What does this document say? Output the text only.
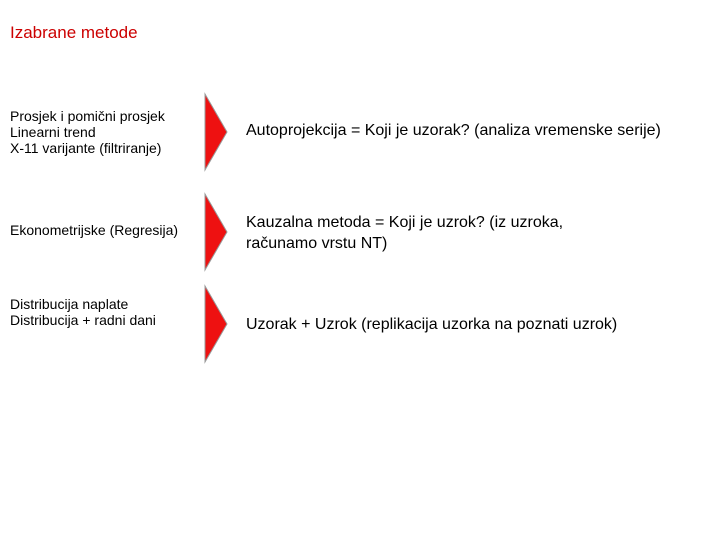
Izabrane metode
Prosjek i pomični prosjek
Linearni trend
X-11 varijante (filtriranje)
Autoprojekcija = Koji je uzorak? (analiza vremenske serije)
Ekonometrijske (Regresija)	Kauzalna metoda = Koji je uzrok? (iz uzroka,
računamo vrstu NT)
Distribucija naplate
Distribucija + radni dani	Uzorak + Uzrok (replikacija uzorka na poznati uzrok)
